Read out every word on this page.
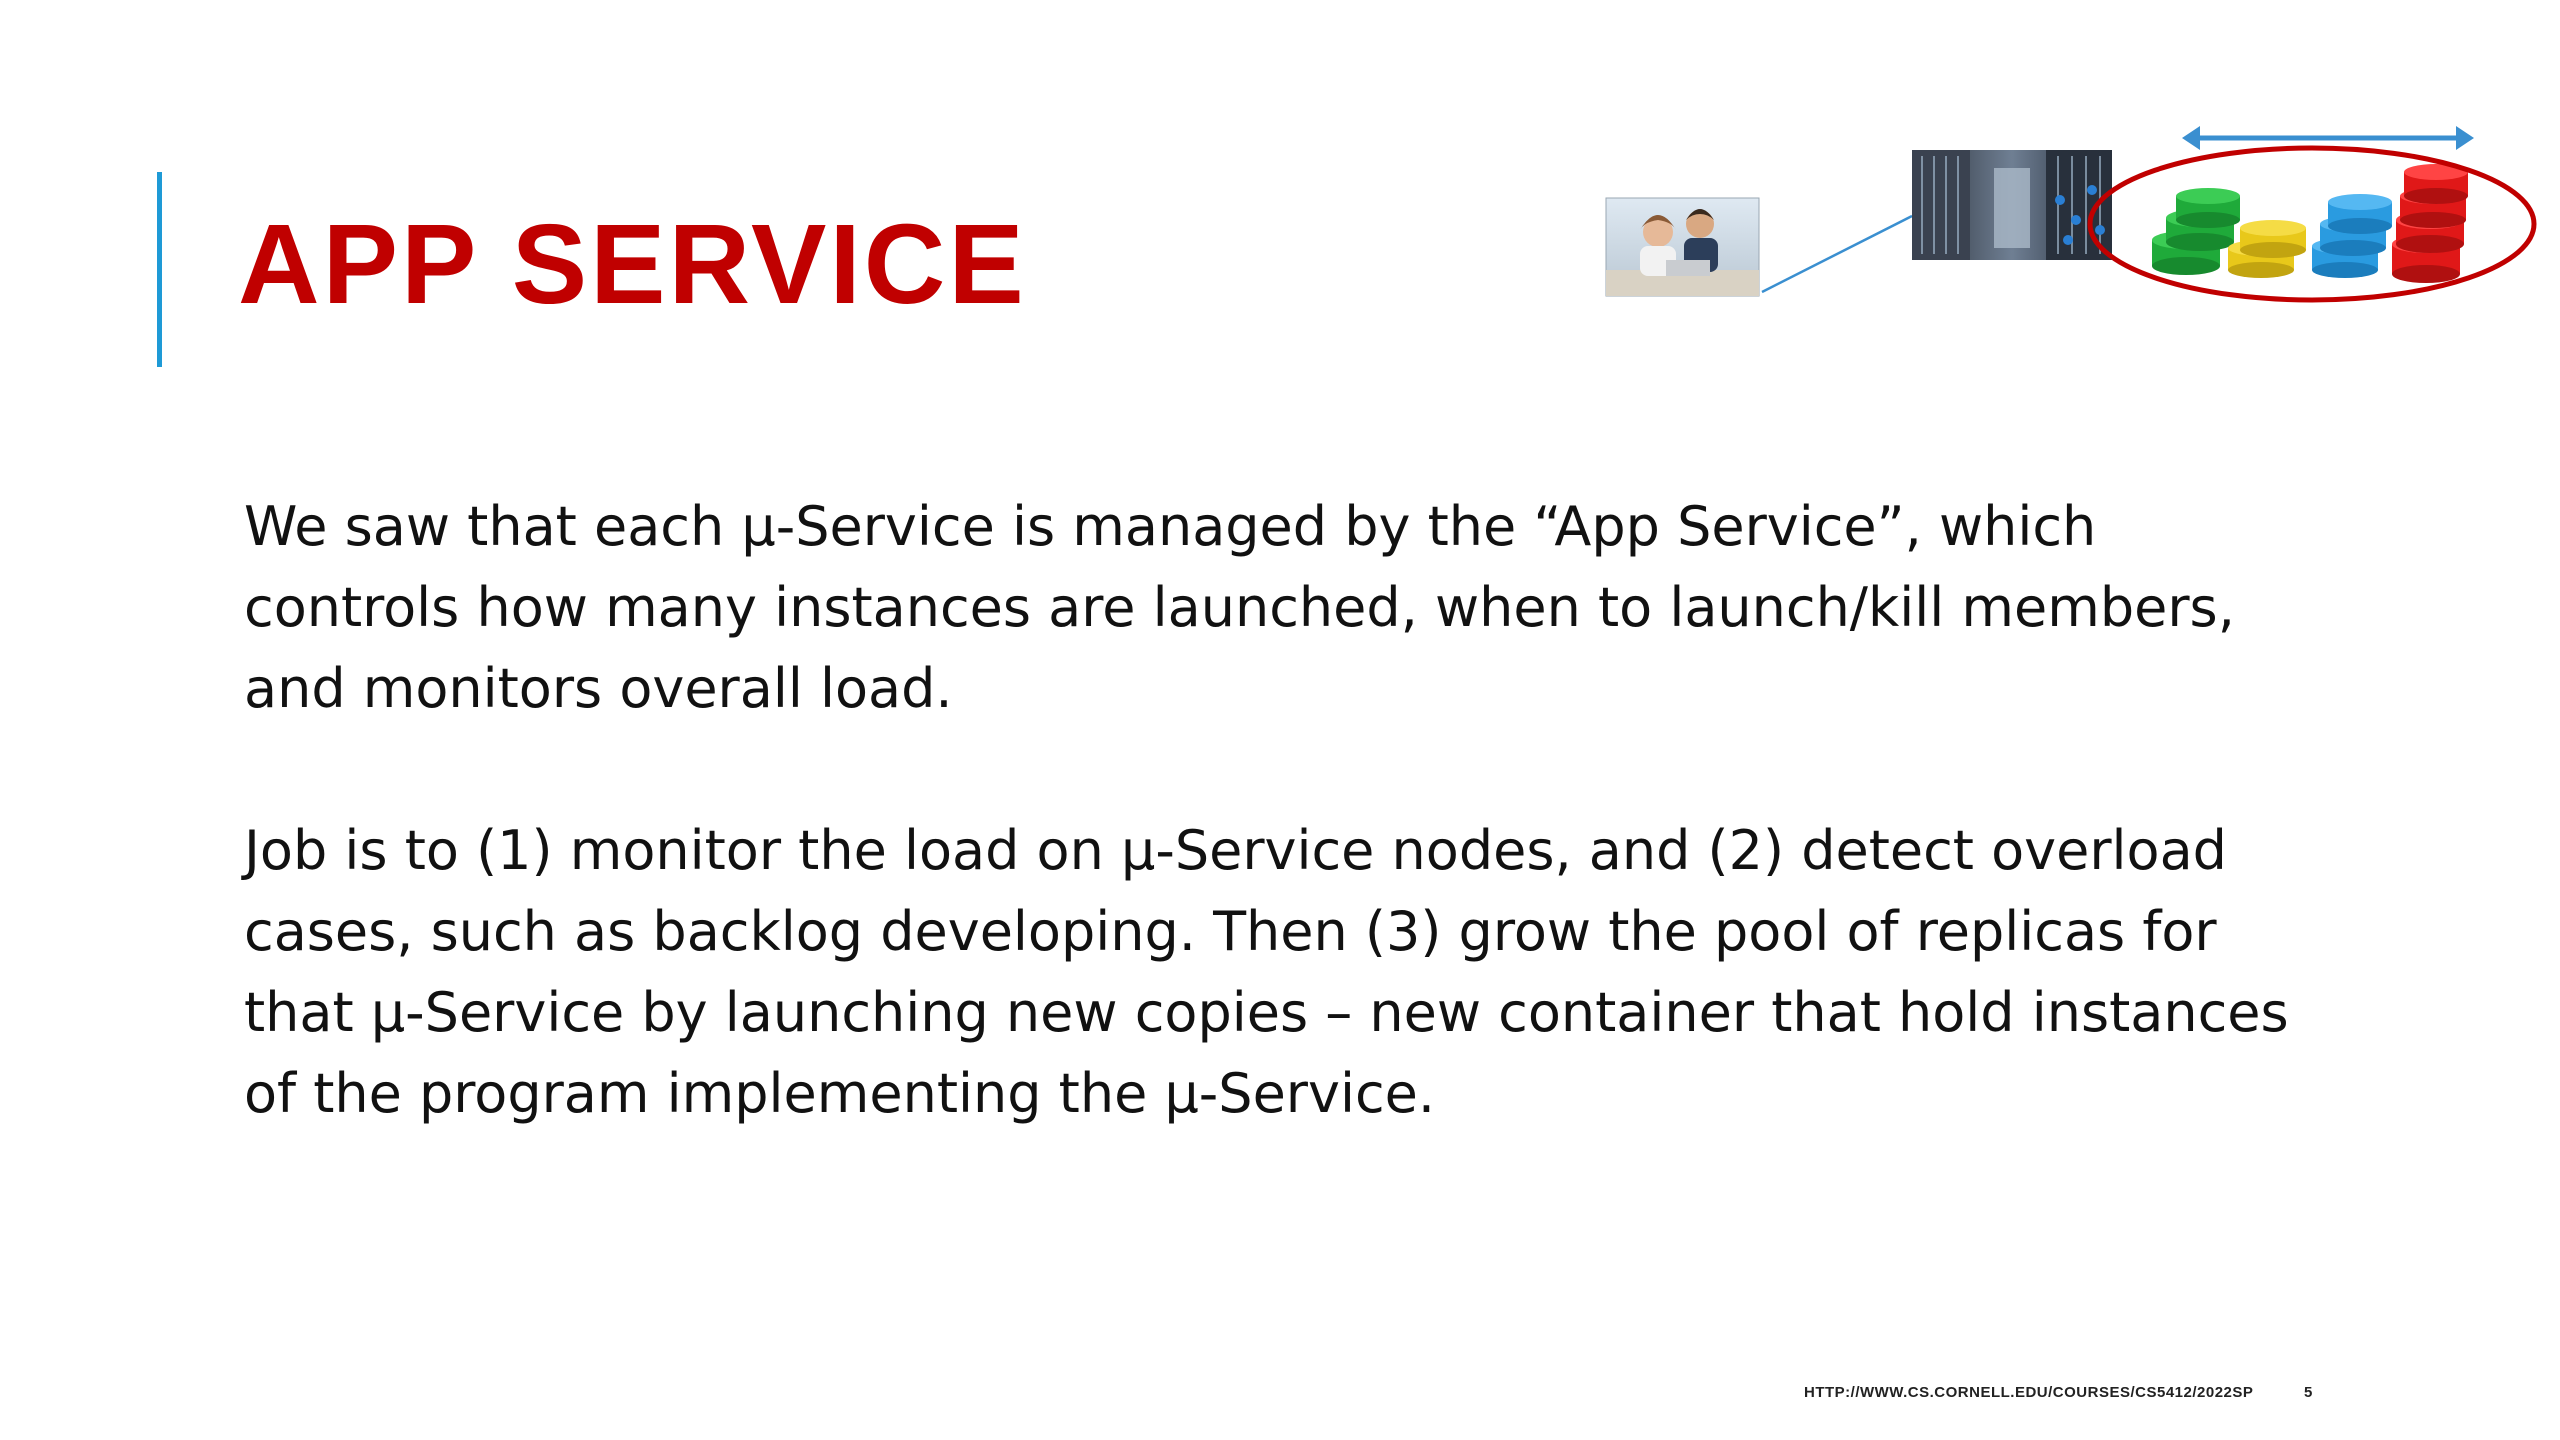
APP SERVICE
Message bus

We saw that each μ-Service is managed by the “App Service”, which

controls how many instances are launched, when to launch/kill members,

and monitors overall load.

Job is to (1) monitor the load on μ-Service nodes, and (2) detect overload

cases, such as backlog developing. Then (3) grow the pool of replicas for

that μ-Service by launching new copies – new container that hold instances

of the program implementing the μ-Service.

HTTP://WWW.CS.CORNELL.EDU/COURSES/CS5412/2022SP	5
